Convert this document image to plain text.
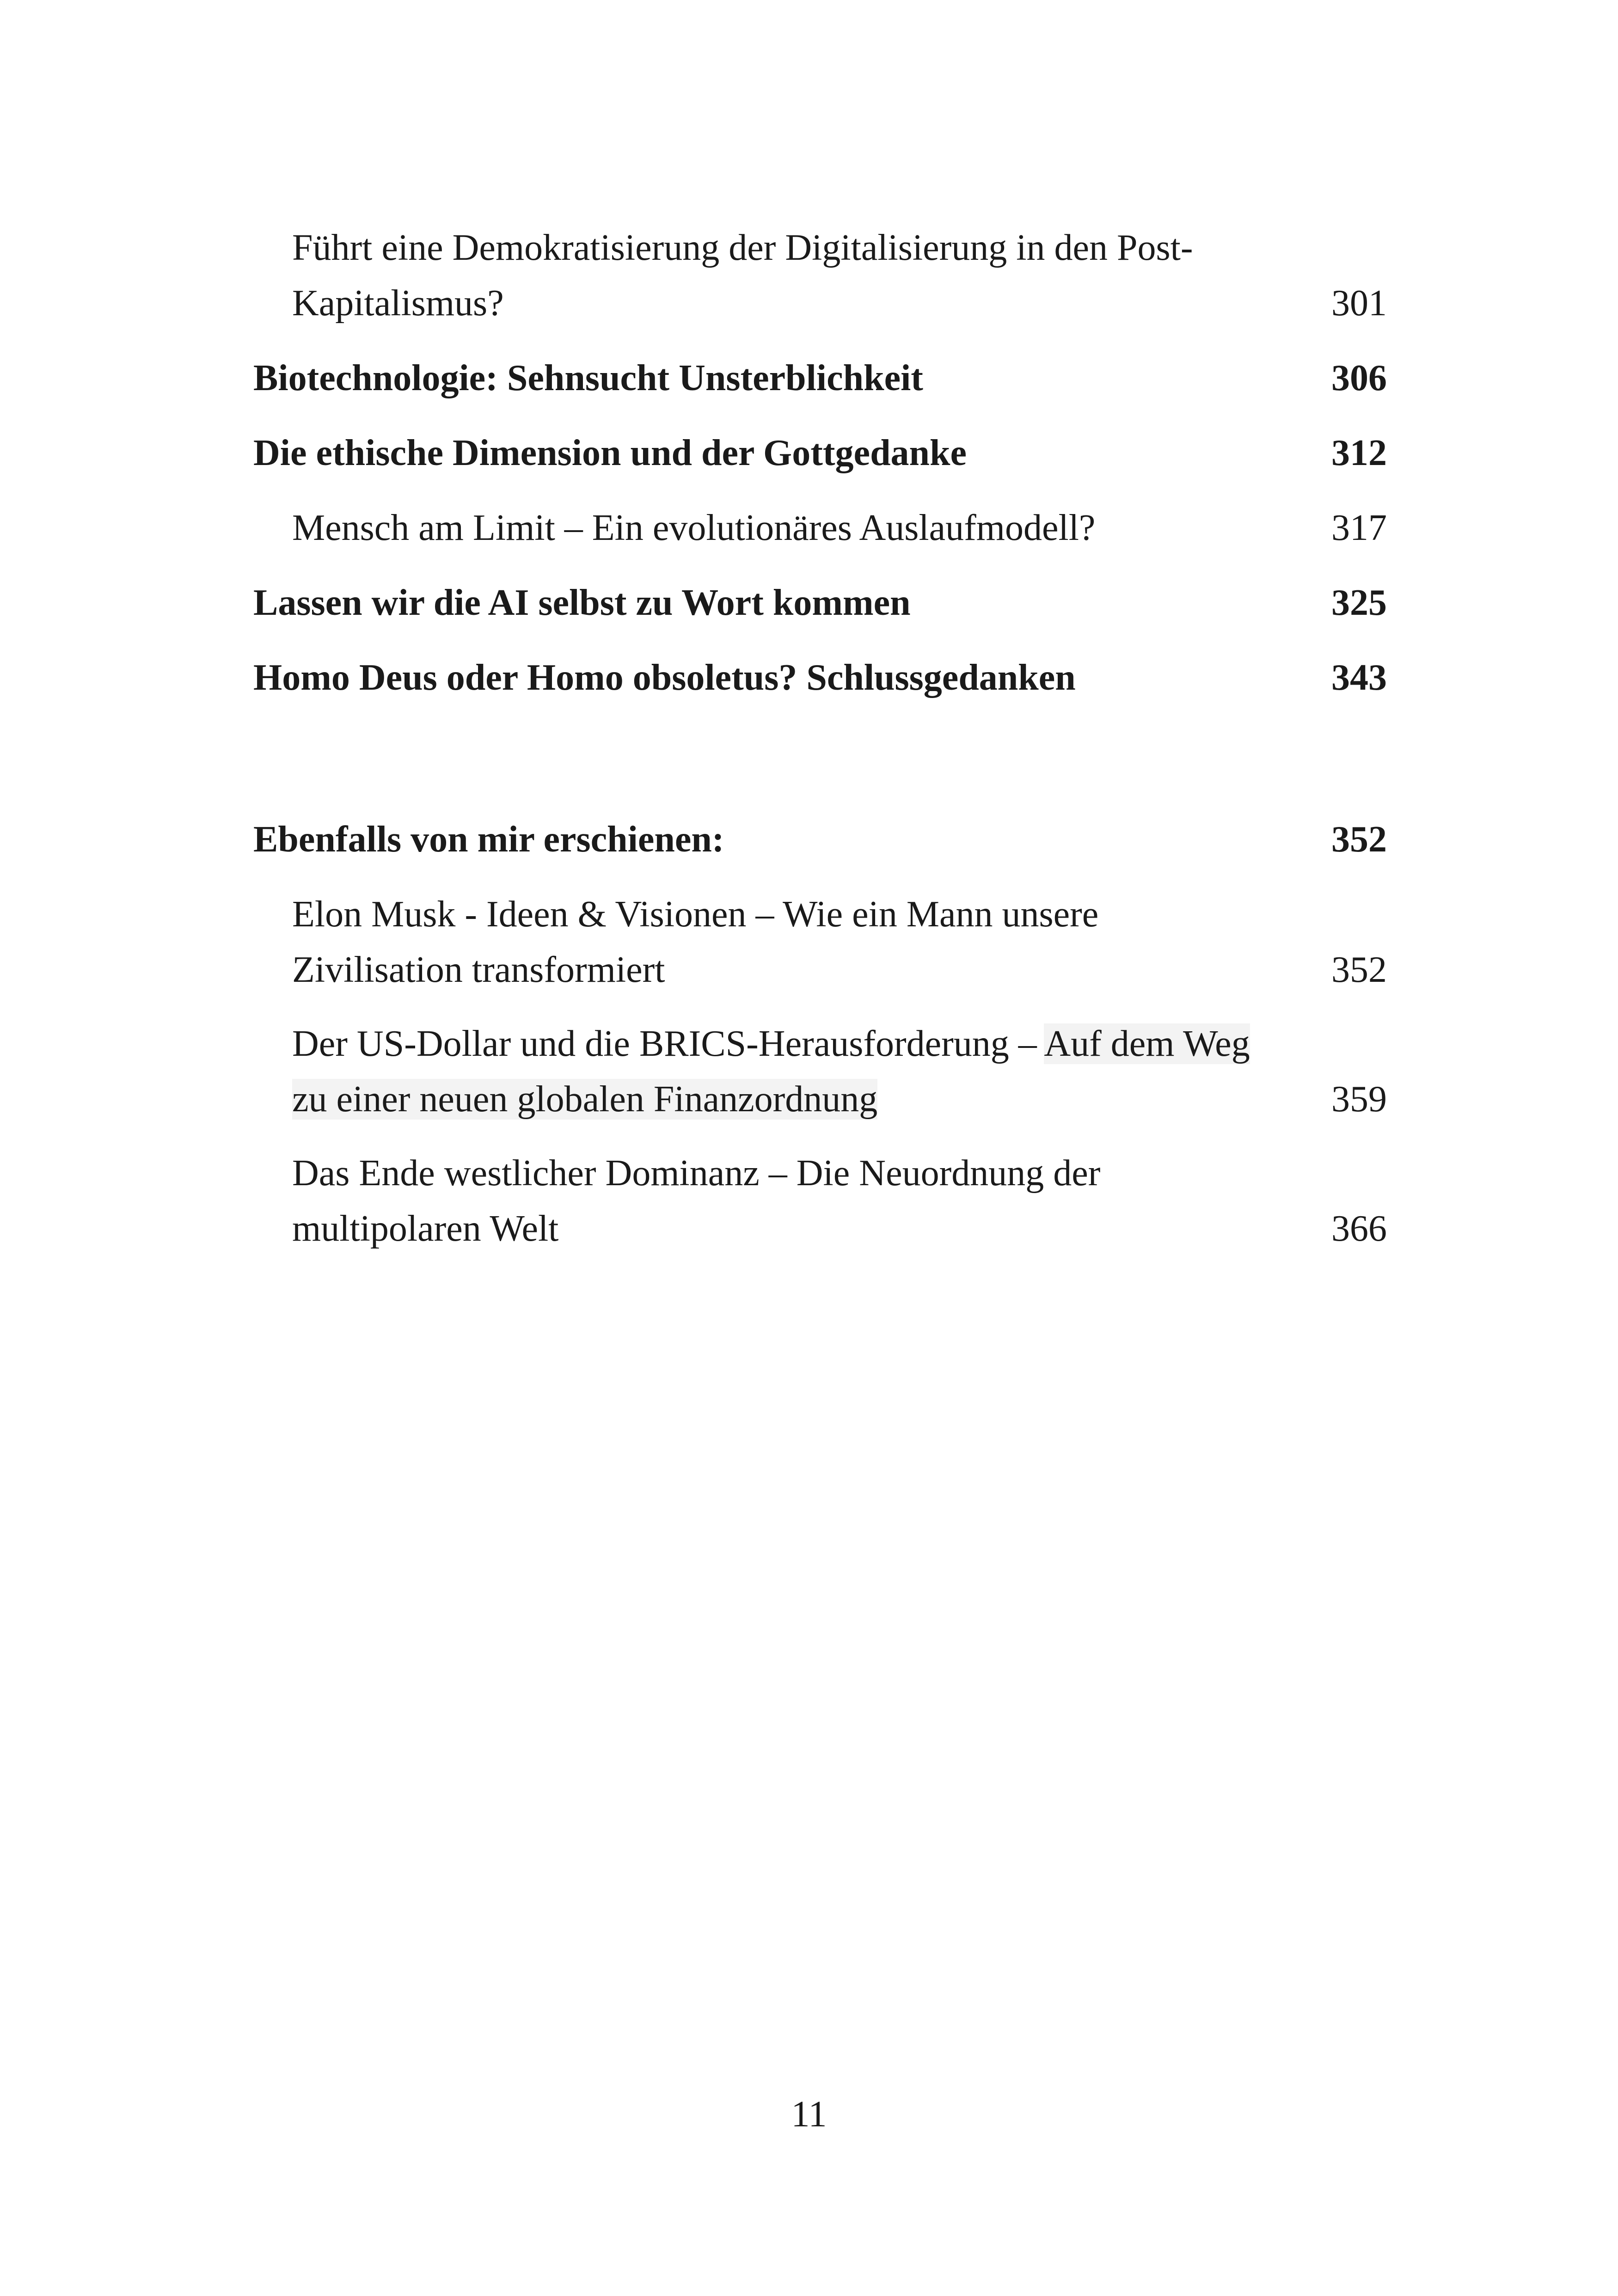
Führt eine Demokratisierung der Digitalisierung in den Post-
Kapitalismus?	301
Biotechnologie: Sehnsucht Unsterblichkeit	306
Die ethische Dimension und der Gottgedanke	312
Mensch am Limit – Ein evolutionäres Auslaufmodell?	317
Lassen wir die AI selbst zu Wort kommen	325
Homo Deus oder Homo obsoletus? Schlussgedanken	343
Ebenfalls von mir erschienen:	352
Elon Musk - Ideen & Visionen – Wie ein Mann unsere
Zivilisation transformiert	352
Der US-Dollar und die BRICS-Herausforderung – Auf dem Weg
zu einer neuen globalen Finanzordnung	359
Das Ende westlicher Dominanz – Die Neuordnung der
multipolaren Welt	366
11
